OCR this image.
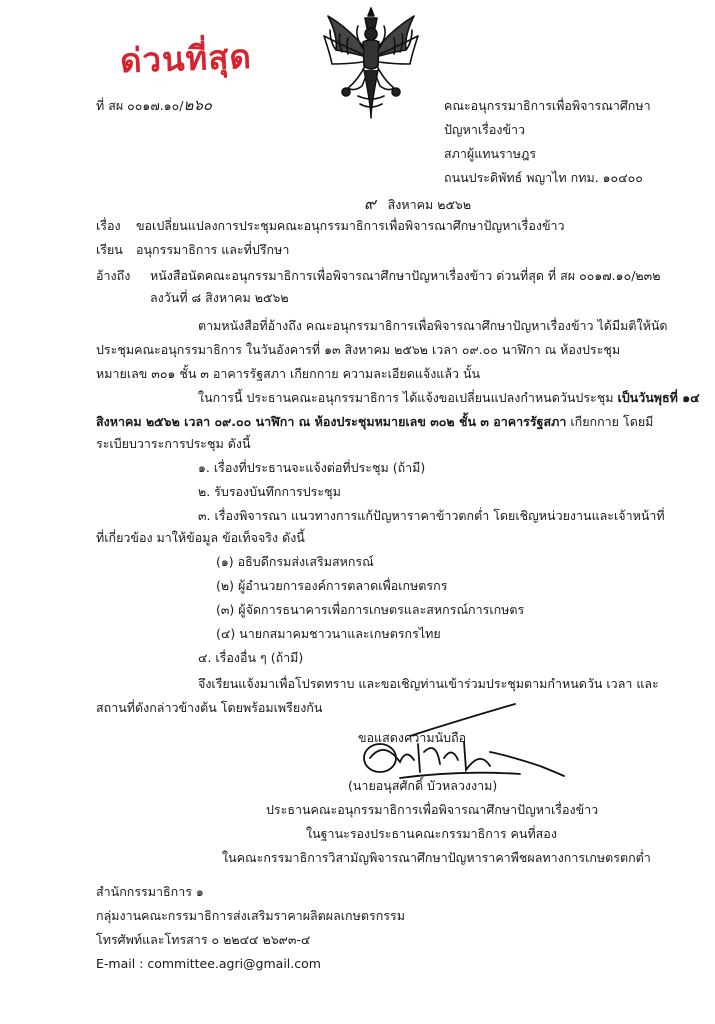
ด่วนที่สุด
ที่ สผ ๐๐๑๗.๑๐/๒๖๐	คณะอนุกรรมาธิการเพื่อพิจารณาศึกษา
ปัญหาเรื่องข้าว
สภาผู้แทนราษฎร
ถนนประดิพัทธ์ พญาไท กทม. ๑๐๔๐๐
๙ สิงหาคม ๒๕๖๒
เรื่อง ขอเปลี่ยนแปลงการประชุมคณะอนุกรรมาธิการเพื่อพิจารณาศึกษาปัญหาเรื่องข้าว
เรียน อนุกรรมาธิการ และที่ปรึกษา
อ้างถึง หนังสือนัดคณะอนุกรรมาธิการเพื่อพิจารณาศึกษาปัญหาเรื่องข้าว ด่วนที่สุด ที่ สผ ๐๐๑๗.๑๐/๒๓๒
ลงวันที่ ๘ สิงหาคม ๒๕๖๒
ตามหนังสือที่อ้างถึง คณะอนุกรรมาธิการเพื่อพิจารณาศึกษาปัญหาเรื่องข้าว ได้มีมติให้นัด
ประชุมคณะอนุกรรมาธิการ ในวันอังคารที่ ๑๓ สิงหาคม ๒๕๖๒ เวลา ๐๙.๐๐ นาฬิกา ณ ห้องประชุม
หมายเลข ๓๐๑ ชั้น ๓ อาคารรัฐสภา เกียกกาย ความละเอียดแจ้งแล้ว นั้น
ในการนี้ ประธานคณะอนุกรรมาธิการ ได้แจ้งขอเปลี่ยนแปลงกำหนดวันประชุม เป็นวันพุธที่ ๑๔
สิงหาคม ๒๕๖๒ เวลา ๐๙.๐๐ นาฬิกา ณ ห้องประชุมหมายเลข ๓๐๒ ชั้น ๓ อาคารรัฐสภา เกียกกาย โดยมี
ระเบียบวาระการประชุม ดังนี้
๑. เรื่องที่ประธานจะแจ้งต่อที่ประชุม (ถ้ามี)
๒. รับรองบันทึกการประชุม
๓. เรื่องพิจารณา แนวทางการแก้ปัญหาราคาข้าวตกต่ำ โดยเชิญหน่วยงานและเจ้าหน้าที่
ที่เกี่ยวข้อง มาให้ข้อมูล ข้อเท็จจริง ดังนี้
(๑) อธิบดีกรมส่งเสริมสหกรณ์
(๒) ผู้อำนวยการองค์การตลาดเพื่อเกษตรกร
(๓) ผู้จัดการธนาคารเพื่อการเกษตรและสหกรณ์การเกษตร
(๔) นายกสมาคมชาวนาและเกษตรกรไทย
๔. เรื่องอื่น ๆ (ถ้ามี)
จึงเรียนแจ้งมาเพื่อโปรดทราบ และขอเชิญท่านเข้าร่วมประชุมตามกำหนดวัน เวลา และ
สถานที่ดังกล่าวข้างต้น โดยพร้อมเพรียงกัน
ขอแสดงความนับถือ
(นายอนุสศักดิ์ บัวหลวงงาม)
ประธานคณะอนุกรรมาธิการเพื่อพิจารณาศึกษาปัญหาเรื่องข้าว
ในฐานะรองประธานคณะกรรมาธิการ คนที่สอง
ในคณะกรรมาธิการวิสามัญพิจารณาศึกษาปัญหาราคาพืชผลทางการเกษตรตกต่ำ
สำนักกรรมาธิการ ๑
กลุ่มงานคณะกรรมาธิการส่งเสริมราคาผลิตผลเกษตรกรรม
โทรศัพท์และโทรสาร ๐ ๒๒๔๔ ๒๖๙๓-๔
E-mail : committee.agri@gmail.com
